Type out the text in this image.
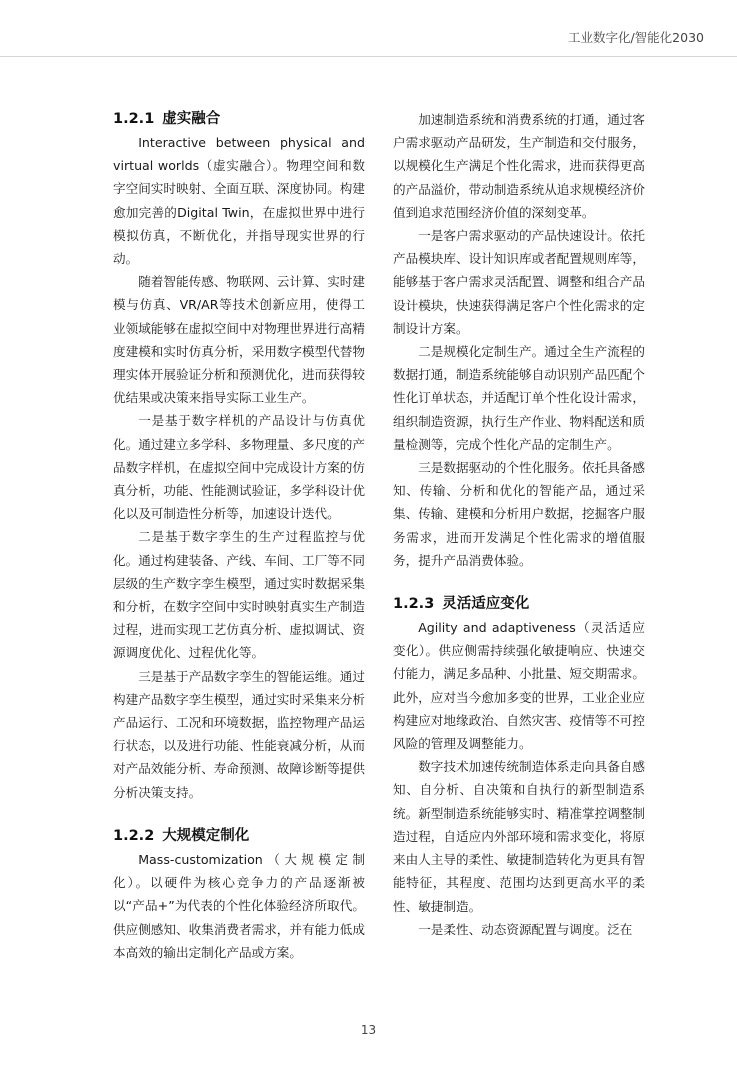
工业数字化/智能化2030
1.2.1 虚实融合

Interactive between physical and virtual worlds（虚实融合）。物理空间和数字空间实时映射、全面互联、深度协同。构建愈加完善的Digital Twin，在虚拟世界中进行模拟仿真，不断优化，并指导现实世界的行动。

随着智能传感、物联网、云计算、实时建模与仿真、VR/AR等技术创新应用，使得工业领域能够在虚拟空间中对物理世界进行高精度建模和实时仿真分析，采用数字模型代替物理实体开展验证分析和预测优化，进而获得较优结果或决策来指导实际工业生产。

一是基于数字样机的产品设计与仿真优化。通过建立多学科、多物理量、多尺度的产品数字样机，在虚拟空间中完成设计方案的仿真分析，功能、性能测试验证，多学科设计优化以及可制造性分析等，加速设计迭代。

二是基于数字孪生的生产过程监控与优化。通过构建装备、产线、车间、工厂等不同层级的生产数字孪生模型，通过实时数据采集和分析，在数字空间中实时映射真实生产制造过程，进而实现工艺仿真分析、虚拟调试、资源调度优化、过程优化等。

三是基于产品数字孪生的智能运维。通过构建产品数字孪生模型，通过实时采集来分析产品运行、工况和环境数据，监控物理产品运行状态，以及进行功能、性能衰减分析，从而对产品效能分析、寿命预测、故障诊断等提供分析决策支持。

1.2.2 大规模定制化

Mass-customization（大规模定制化）。以硬件为核心竞争力的产品逐渐被以“产品+”为代表的个性化体验经济所取代。供应侧感知、收集消费者需求，并有能力低成本高效的输出定制化产品或方案。

加速制造系统和消费系统的打通，通过客户需求驱动产品研发，生产制造和交付服务，以规模化生产满足个性化需求，进而获得更高的产品溢价，带动制造系统从追求规模经济价值到追求范围经济价值的深刻变革。

一是客户需求驱动的产品快速设计。依托产品模块库、设计知识库或者配置规则库等，能够基于客户需求灵活配置、调整和组合产品设计模块，快速获得满足客户个性化需求的定制设计方案。

二是规模化定制生产。通过全生产流程的数据打通，制造系统能够自动识别产品匹配个性化订单状态，并适配订单个性化设计需求，组织制造资源，执行生产作业、物料配送和质量检测等，完成个性化产品的定制生产。

三是数据驱动的个性化服务。依托具备感知、传输、分析和优化的智能产品，通过采集、传输、建模和分析用户数据，挖掘客户服务需求，进而开发满足个性化需求的增值服务，提升产品消费体验。

1.2.3 灵活适应变化

Agility and adaptiveness（灵活适应变化）。供应侧需持续强化敏捷响应、快速交付能力，满足多品种、小批量、短交期需求。此外，应对当今愈加多变的世界，工业企业应构建应对地缘政治、自然灾害、疫情等不可控风险的管理及调整能力。

数字技术加速传统制造体系走向具备自感知、自分析、自决策和自执行的新型制造系统。新型制造系统能够实时、精准掌控调整制造过程，自适应内外部环境和需求变化，将原来由人主导的柔性、敏捷制造转化为更具有智能特征，其程度、范围均达到更高水平的柔性、敏捷制造。

一是柔性、动态资源配置与调度。泛在

13
